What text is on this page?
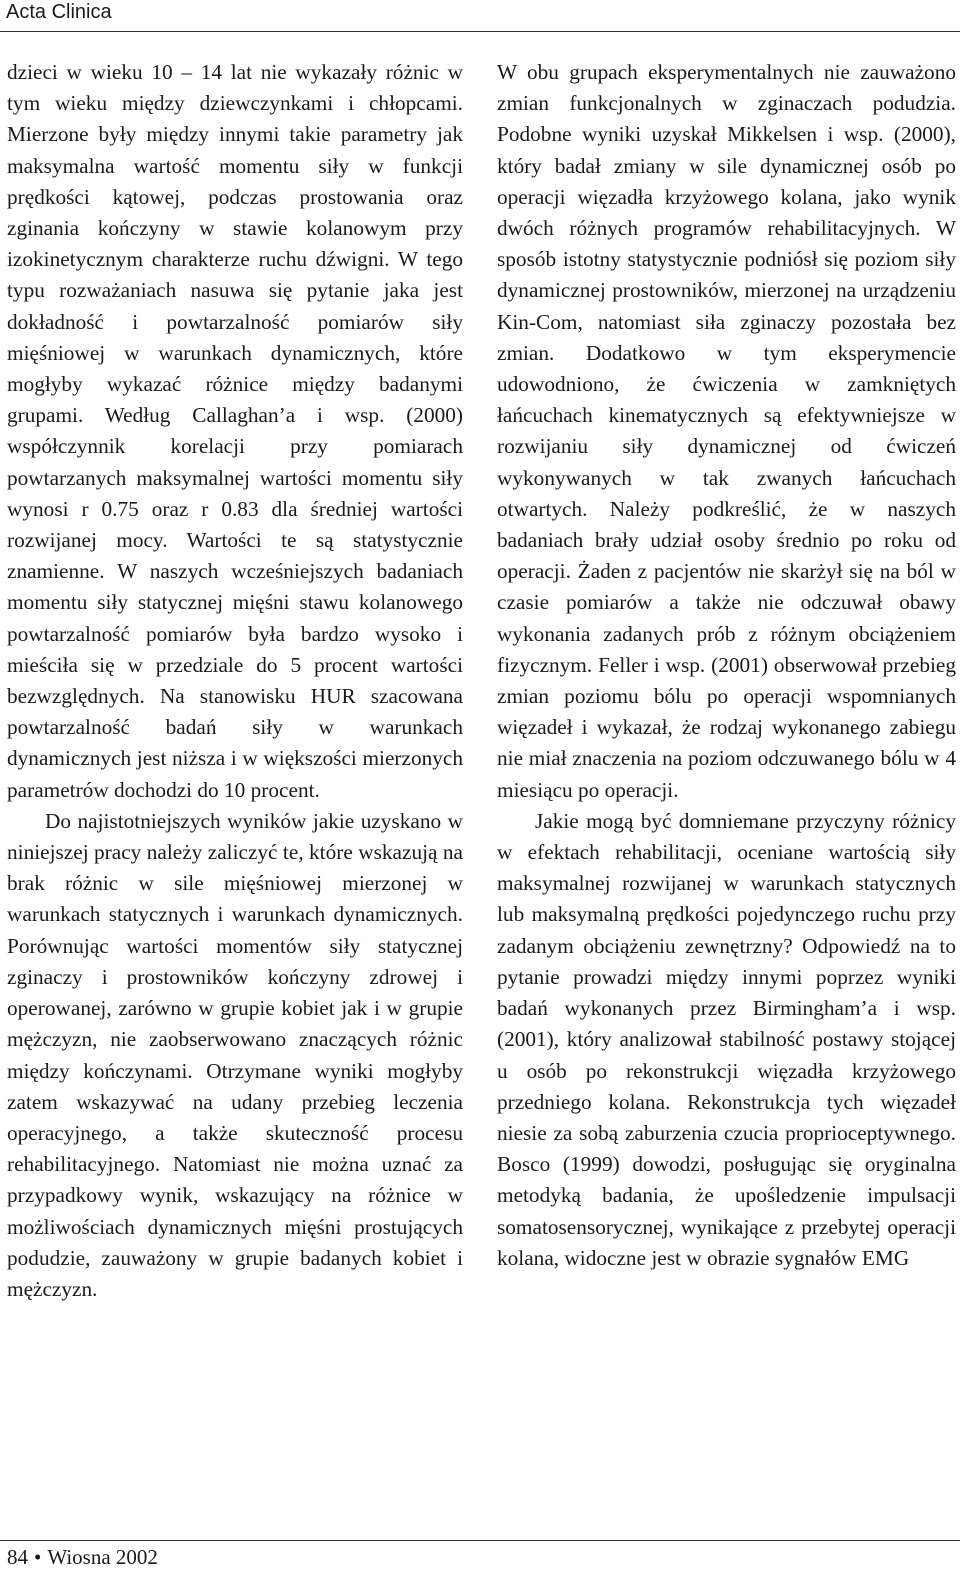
Acta Clinica

dzieci w wieku 10 – 14 lat nie wykazały różnic w tym wieku między dziewczynkami i chłopcami. Mierzone były między innymi takie parametry jak maksymalna wartość momentu siły w funkcji prędkości kątowej, podczas prostowania oraz zginania kończyny w stawie kolanowym przy izokinetycznym charakterze ruchu dźwigni. W tego typu rozważaniach nasuwa się pytanie jaka jest dokładność i powtarzalność pomiarów siły mięśniowej w warunkach dynamicznych, które mogłyby wykazać różnice między badanymi grupami. Według Callaghan’a i wsp. (2000) współczynnik korelacji przy pomiarach powtarzanych maksymalnej wartości momentu siły wynosi r 0.75 oraz r 0.83 dla średniej wartości rozwijanej mocy. Wartości te są statystycznie znamienne. W naszych wcześniejszych badaniach momentu siły statycznej mięśni stawu kolanowego powtarzalność pomiarów była bardzo wysoko i mieściła się w przedziale do 5 procent wartości bezwzględnych. Na stanowisku HUR szacowana powtarzalność badań siły w warunkach dynamicznych jest niższa i w większości mierzonych parametrów dochodzi do 10 procent.

Do najistotniejszych wyników jakie uzyskano w niniejszej pracy należy zaliczyć te, które wskazują na brak różnic w sile mięśniowej mierzonej w warunkach statycznych i warunkach dynamicznych. Porównując wartości momentów siły statycznej zginaczy i prostowników kończyny zdrowej i operowanej, zarówno w grupie kobiet jak i w grupie mężczyzn, nie zaobserwowano znaczących różnic między kończynami. Otrzymane wyniki mogłyby zatem wskazywać na udany przebieg leczenia operacyjnego, a także skuteczność procesu rehabilitacyjnego. Natomiast nie można uznać za przypadkowy wynik, wskazujący na różnice w możliwościach dynamicznych mięśni prostujących podudzie, zauważony w grupie badanych kobiet i mężczyzn.

W obu grupach eksperymentalnych nie zauważono zmian funkcjonalnych w zginaczach podudzia. Podobne wyniki uzyskał Mikkelsen i wsp. (2000), który badał zmiany w sile dynamicznej osób po operacji więzadła krzyżowego kolana, jako wynik dwóch różnych programów rehabilitacyjnych. W sposób istotny statystycznie podniósł się poziom siły dynamicznej prostowników, mierzonej na urządzeniu Kin-Com, natomiast siła zginaczy pozostała bez zmian. Dodatkowo w tym eksperymencie udowodniono, że ćwiczenia w zamkniętych łańcuchach kinematycznych są efektywniejsze w rozwijaniu siły dynamicznej od ćwiczeń wykonywanych w tak zwanych łańcuchach otwartych. Należy podkreślić, że w naszych badaniach brały udział osoby średnio po roku od operacji. Żaden z pacjentów nie skarżył się na ból w czasie pomiarów a także nie odczuwał obawy wykonania zadanych prób z różnym obciążeniem fizycznym. Feller i wsp. (2001) obserwował przebieg zmian poziomu bólu po operacji wspomnianych więzadeł i wykazał, że rodzaj wykonanego zabiegu nie miał znaczenia na poziom odczuwanego bólu w 4 miesiącu po operacji.

Jakie mogą być domniemane przyczyny różnicy w efektach rehabilitacji, oceniane wartością siły maksymalnej rozwijanej w warunkach statycznych lub maksymalną prędkości pojedynczego ruchu przy zadanym obciążeniu zewnętrzny? Odpowiedź na to pytanie prowadzi między innymi poprzez wyniki badań wykonanych przez Birmingham’a i wsp. (2001), który analizował stabilność postawy stojącej u osób po rekonstrukcji więzadła krzyżowego przedniego kolana. Rekonstrukcja tych więzadeł niesie za sobą zaburzenia czucia proprioceptywnego. Bosco (1999) dowodzi, posługując się oryginalna metodyką badania, że upośledzenie impulsacji somatosensorycznej, wynikające z przebytej operacji kolana, widoczne jest w obrazie sygnałów EMG

84 • Wiosna 2002
